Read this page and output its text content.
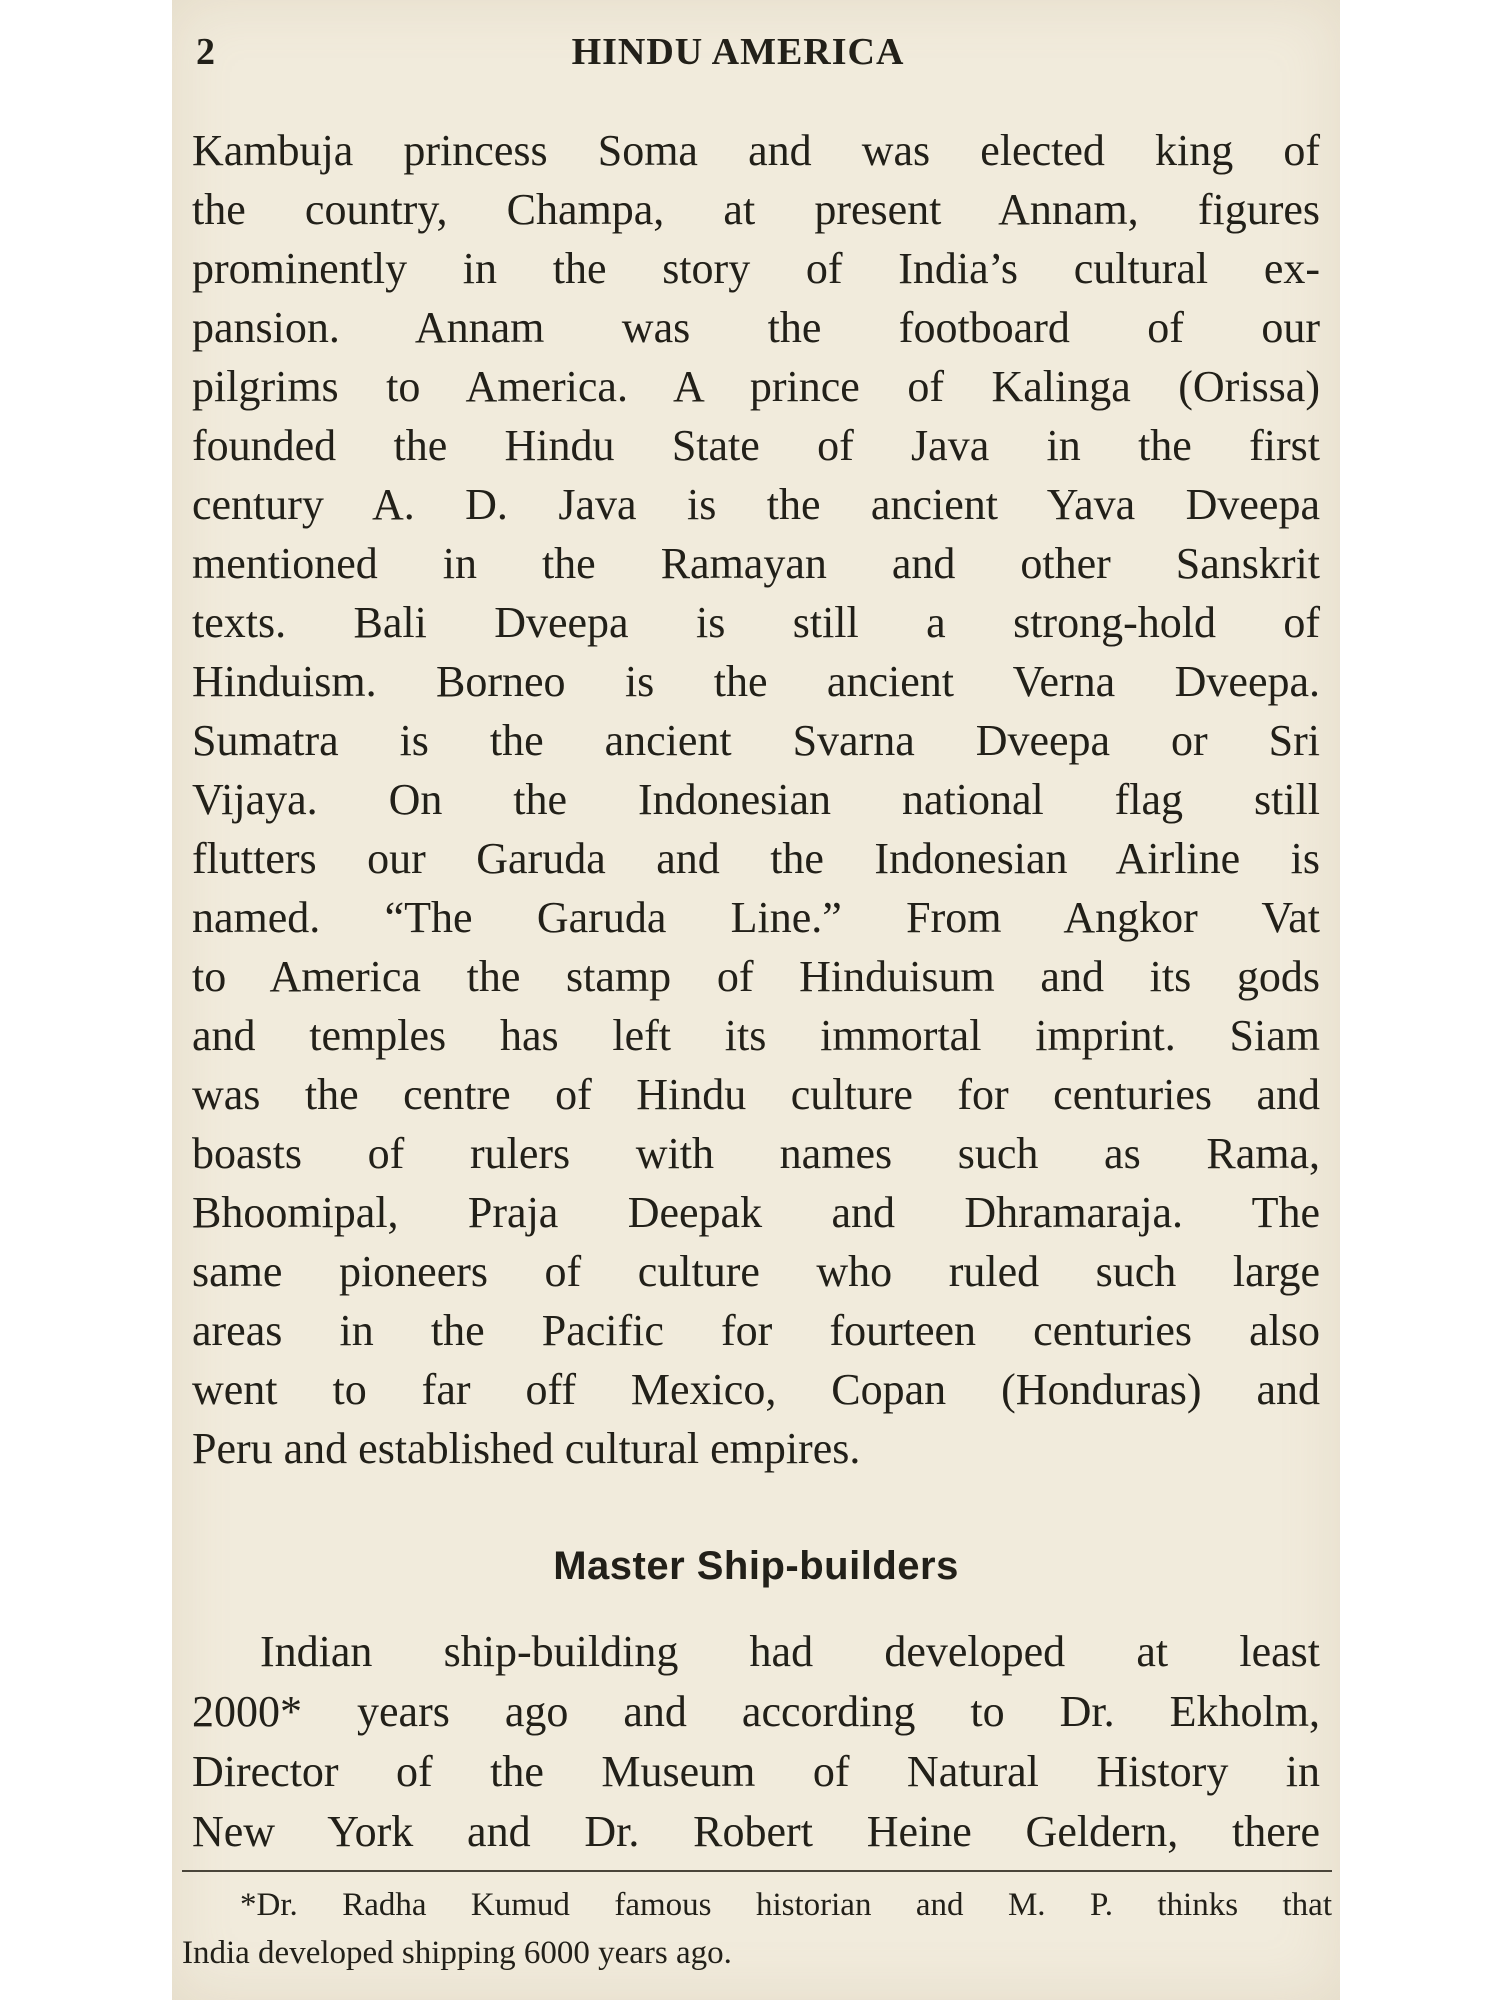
2	HINDU AMERICA
Kambuja princess Soma and was elected king of
the country, Champa, at present Annam, figures
prominently in the story of India’s cultural ex-
pansion. Annam was the footboard of our
pilgrims to America. A prince of Kalinga (Orissa)
founded the Hindu State of Java in the first
century A. D. Java is the ancient Yava Dveepa
mentioned in the Ramayan and other Sanskrit
texts. Bali Dveepa is still a strong-hold of
Hinduism. Borneo is the ancient Verna Dveepa.
Sumatra is the ancient Svarna Dveepa or Sri
Vijaya. On the Indonesian national flag still
flutters our Garuda and the Indonesian Airline is
named. “The Garuda Line.” From Angkor Vat
to America the stamp of Hinduisum and its gods
and temples has left its immortal imprint. Siam
was the centre of Hindu culture for centuries and
boasts of rulers with names such as Rama,
Bhoomipal, Praja Deepak and Dhramaraja. The
same pioneers of culture who ruled such large
areas in the Pacific for fourteen centuries also
went to far off Mexico, Copan (Honduras) and
Peru and established cultural empires.
Master Ship-builders
Indian ship-building had developed at least
2000* years ago and according to Dr. Ekholm,
Director of the Museum of Natural History in
New York and Dr. Robert Heine Geldern, there
*Dr. Radha Kumud famous historian and M. P. thinks that
India developed shipping 6000 years ago.
